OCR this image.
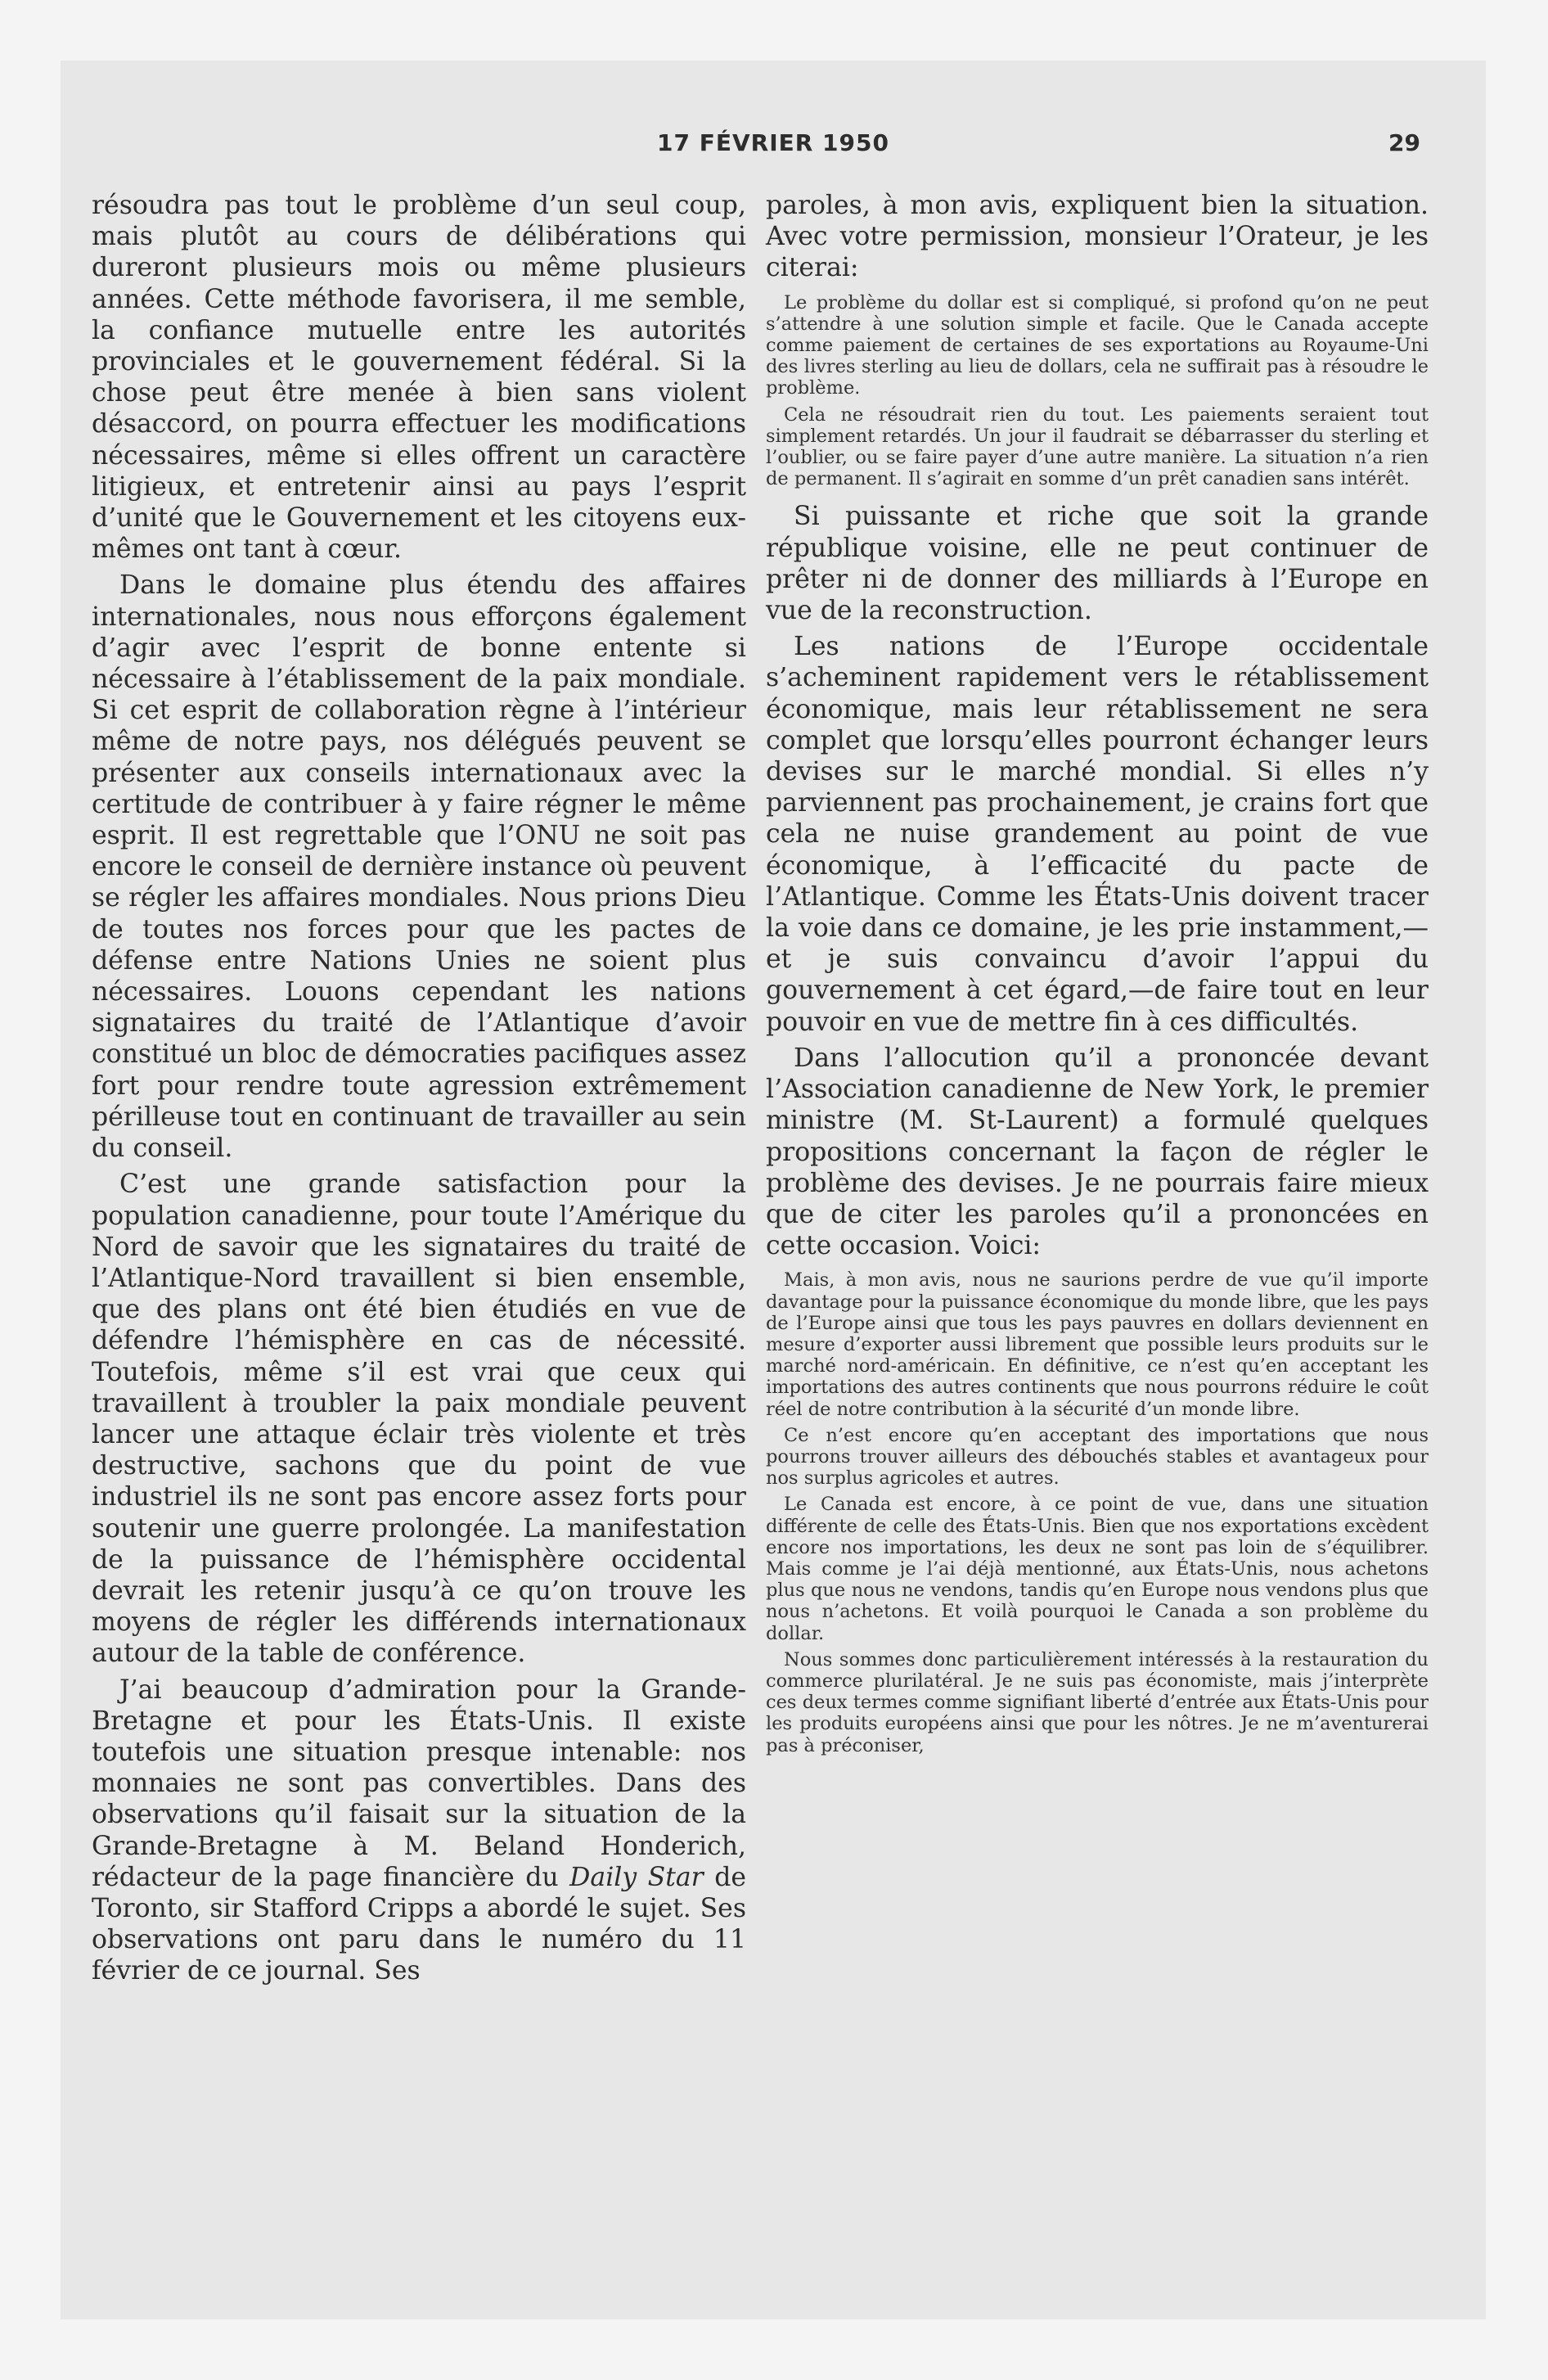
17 FÉVRIER 1950	29

résoudra pas tout le problème d’un seul coup, mais plutôt au cours de délibérations qui dureront plusieurs mois ou même plusieurs années. Cette méthode favorisera, il me semble, la confiance mutuelle entre les autorités provinciales et le gouvernement fédéral. Si la chose peut être menée à bien sans violent désaccord, on pourra effectuer les modifications nécessaires, même si elles offrent un caractère litigieux, et entretenir ainsi au pays l’esprit d’unité que le Gouvernement et les citoyens eux-mêmes ont tant à cœur.

Dans le domaine plus étendu des affaires internationales, nous nous efforçons également d’agir avec l’esprit de bonne entente si nécessaire à l’établissement de la paix mondiale. Si cet esprit de collaboration règne à l’intérieur même de notre pays, nos délégués peuvent se présenter aux conseils internationaux avec la certitude de contribuer à y faire régner le même esprit. Il est regrettable que l’ONU ne soit pas encore le conseil de dernière instance où peuvent se régler les affaires mondiales. Nous prions Dieu de toutes nos forces pour que les pactes de défense entre Nations Unies ne soient plus nécessaires. Louons cependant les nations signataires du traité de l’Atlantique d’avoir constitué un bloc de démocraties pacifiques assez fort pour rendre toute agression extrêmement périlleuse tout en continuant de travailler au sein du conseil.

C’est une grande satisfaction pour la population canadienne, pour toute l’Amérique du Nord de savoir que les signataires du traité de l’Atlantique-Nord travaillent si bien ensemble, que des plans ont été bien étudiés en vue de défendre l’hémisphère en cas de nécessité. Toutefois, même s’il est vrai que ceux qui travaillent à troubler la paix mondiale peuvent lancer une attaque éclair très violente et très destructive, sachons que du point de vue industriel ils ne sont pas encore assez forts pour soutenir une guerre prolongée. La manifestation de la puissance de l’hémisphère occidental devrait les retenir jusqu’à ce qu’on trouve les moyens de régler les différends internationaux autour de la table de conférence.

J’ai beaucoup d’admiration pour la Grande-Bretagne et pour les États-Unis. Il existe toutefois une situation presque intenable: nos monnaies ne sont pas convertibles. Dans des observations qu’il faisait sur la situation de la Grande-Bretagne à M. Beland Honderich, rédacteur de la page financière du Daily Star de Toronto, sir Stafford Cripps a abordé le sujet. Ses observations ont paru dans le numéro du 11 février de ce journal. Ses

paroles, à mon avis, expliquent bien la situation. Avec votre permission, monsieur l’Orateur, je les citerai:

Le problème du dollar est si compliqué, si profond qu’on ne peut s’attendre à une solution simple et facile. Que le Canada accepte comme paiement de certaines de ses exportations au Royaume-Uni des livres sterling au lieu de dollars, cela ne suffirait pas à résoudre le problème.

Cela ne résoudrait rien du tout. Les paiements seraient tout simplement retardés. Un jour il faudrait se débarrasser du sterling et l’oublier, ou se faire payer d’une autre manière. La situation n’a rien de permanent. Il s’agirait en somme d’un prêt canadien sans intérêt.

Si puissante et riche que soit la grande république voisine, elle ne peut continuer de prêter ni de donner des milliards à l’Europe en vue de la reconstruction.

Les nations de l’Europe occidentale s’acheminent rapidement vers le rétablissement économique, mais leur rétablissement ne sera complet que lorsqu’elles pourront échanger leurs devises sur le marché mondial. Si elles n’y parviennent pas prochainement, je crains fort que cela ne nuise grandement au point de vue économique, à l’efficacité du pacte de l’Atlantique. Comme les États-Unis doivent tracer la voie dans ce domaine, je les prie instamment,—et je suis convaincu d’avoir l’appui du gouvernement à cet égard,—de faire tout en leur pouvoir en vue de mettre fin à ces difficultés.

Dans l’allocution qu’il a prononcée devant l’Association canadienne de New York, le premier ministre (M. St-Laurent) a formulé quelques propositions concernant la façon de régler le problème des devises. Je ne pourrais faire mieux que de citer les paroles qu’il a prononcées en cette occasion. Voici:

Mais, à mon avis, nous ne saurions perdre de vue qu’il importe davantage pour la puissance économique du monde libre, que les pays de l’Europe ainsi que tous les pays pauvres en dollars deviennent en mesure d’exporter aussi librement que possible leurs produits sur le marché nord-américain. En définitive, ce n’est qu’en acceptant les importations des autres continents que nous pourrons réduire le coût réel de notre contribution à la sécurité d’un monde libre.

Ce n’est encore qu’en acceptant des importations que nous pourrons trouver ailleurs des débouchés stables et avantageux pour nos surplus agricoles et autres.

Le Canada est encore, à ce point de vue, dans une situation différente de celle des États-Unis. Bien que nos exportations excèdent encore nos importations, les deux ne sont pas loin de s’équilibrer. Mais comme je l’ai déjà mentionné, aux États-Unis, nous achetons plus que nous ne vendons, tandis qu’en Europe nous vendons plus que nous n’achetons. Et voilà pourquoi le Canada a son problème du dollar.

Nous sommes donc particulièrement intéressés à la restauration du commerce plurilatéral. Je ne suis pas économiste, mais j’interprète ces deux termes comme signifiant liberté d’entrée aux États-Unis pour les produits européens ainsi que pour les nôtres. Je ne m’aventurerai pas à préconiser,
